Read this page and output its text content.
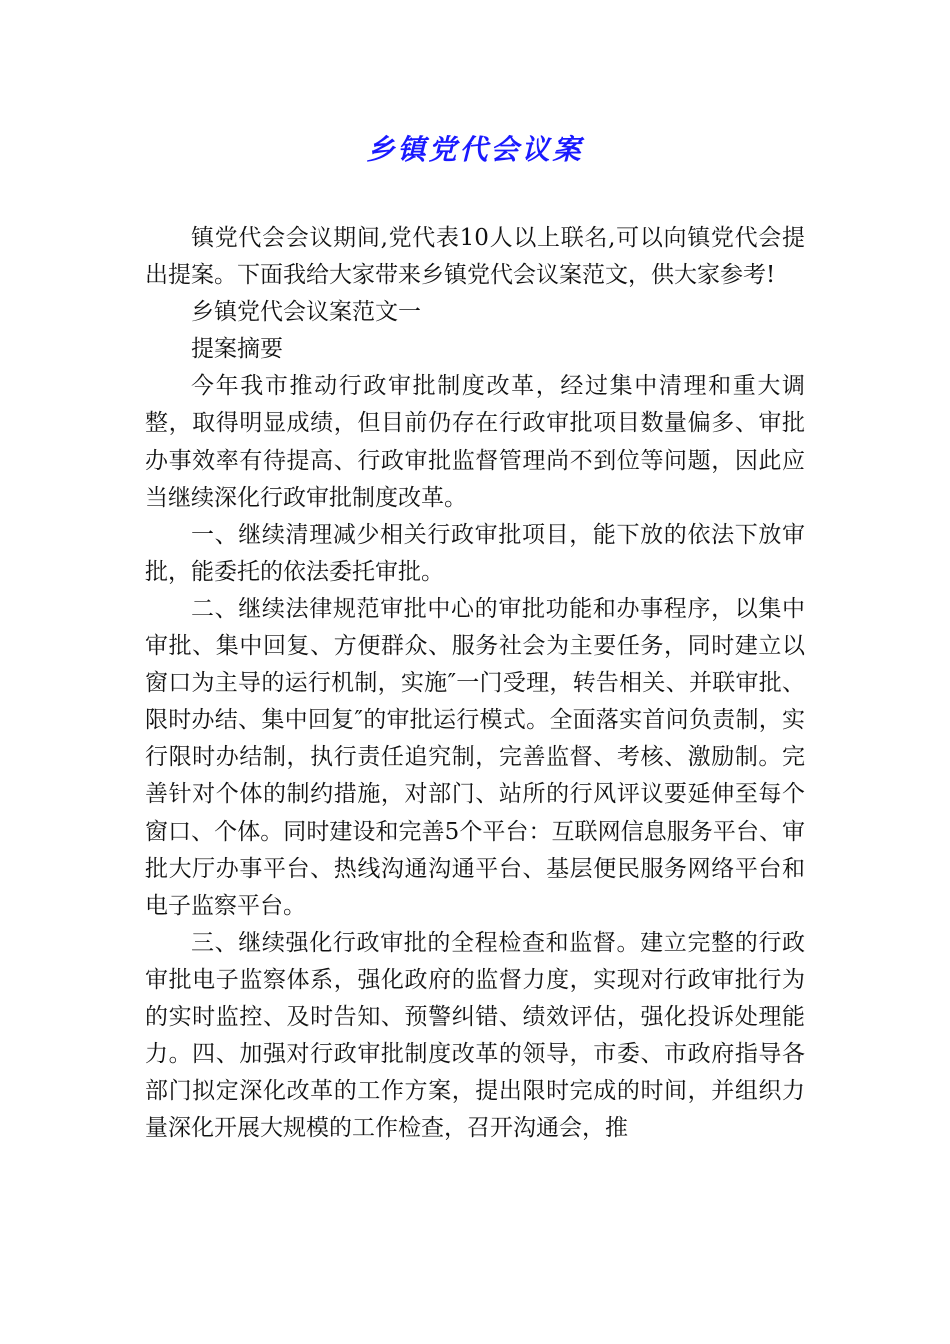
乡镇党代会议案

镇党代会会议期间,党代表10人以上联名,可以向镇党代会提出提案。下面我给大家带来乡镇党代会议案范文，供大家参考!

乡镇党代会议案范文一

提案摘要

今年我市推动行政审批制度改革，经过集中清理和重大调整，取得明显成绩，但目前仍存在行政审批项目数量偏多、审批办事效率有待提高、行政审批监督管理尚不到位等问题，因此应当继续深化行政审批制度改革。

一、继续清理减少相关行政审批项目，能下放的依法下放审批，能委托的依法委托审批。

二、继续法律规范审批中心的审批功能和办事程序，以集中审批、集中回复、方便群众、服务社会为主要任务，同时建立以窗口为主导的运行机制，实施″一门受理，转告相关、并联审批、限时办结、集中回复″的审批运行模式。全面落实首问负责制，实行限时办结制，执行责任追究制，完善监督、考核、激励制。完善针对个体的制约措施，对部门、站所的行风评议要延伸至每个窗口、个体。同时建设和完善5个平台：互联网信息服务平台、审批大厅办事平台、热线沟通沟通平台、基层便民服务网络平台和电子监察平台。

三、继续强化行政审批的全程检查和监督。建立完整的行政审批电子监察体系，强化政府的监督力度，实现对行政审批行为的实时监控、及时告知、预警纠错、绩效评估，强化投诉处理能力。四、加强对行政审批制度改革的领导，市委、市政府指导各部门拟定深化改革的工作方案，提出限时完成的时间，并组织力量深化开展大规模的工作检查，召开沟通会，推
